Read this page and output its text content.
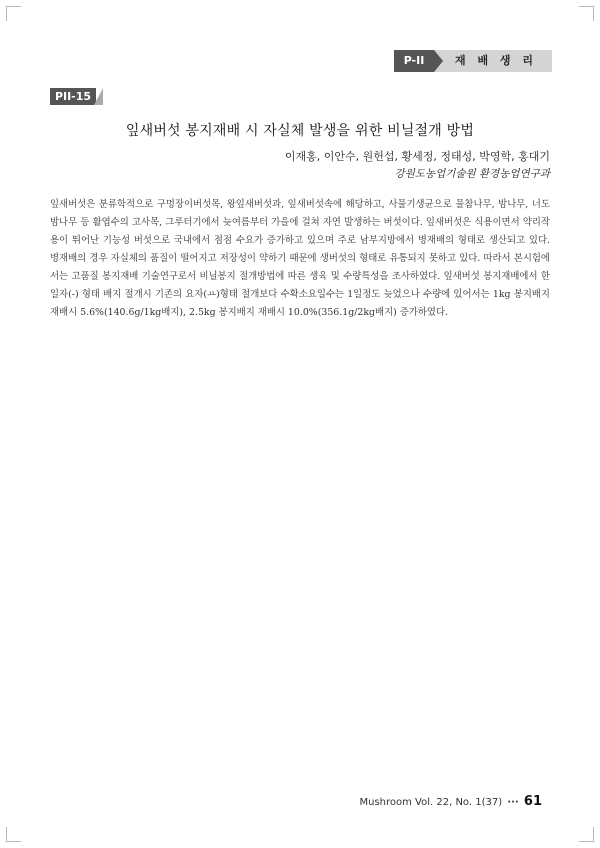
P-II	재 배 생 리
PII-15
잎새버섯 봉지재배 시 자실체 발생을 위한 비닐절개 방법
이재홍, 이안수, 원헌섭, 황세정, 정태성, 박영학, 홍대기
강원도농업기술원 환경농업연구과

잎새버섯은 분류학적으로 구멍장이버섯목, 왕잎새버섯과, 잎새버섯속에 해당하고, 사물기생균으로 물참나무, 밤나무, 너도밤나무 등 활엽수의 고사목, 그루터기에서 늦여름부터 가을에 걸쳐 자연 발생하는 버섯이다. 잎새버섯은 식용이면서 약리작용이 뛰어난 기능성 버섯으로 국내에서 점점 수요가 증가하고 있으며 주로 남부지방에서 병재배의 형태로 생산되고 있다. 병재배의 경우 자실체의 품질이 떨어지고 저장성이 약하기 때문에 생버섯의 형태로 유통되지 못하고 있다. 따라서 본시험에서는 고품질 봉지재배 기술연구로서 비닐봉지 절개방법에 따른 생육 및 수량특성을 조사하였다. 잎새버섯 봉지재배에서 한일자(-) 형태 배지 절개시 기존의 요자(ㅛ)형태 절개보다 수확소요일수는 1일정도 늦었으나 수량에 있어서는 1kg 봉지배지 재배시 5.6%(140.6g/1kg배지), 2.5kg 봉지배지 재배시 10.0%(356.1g/2kg배지) 증가하였다.

Mushroom Vol. 22, No. 1(37) ··· 61
